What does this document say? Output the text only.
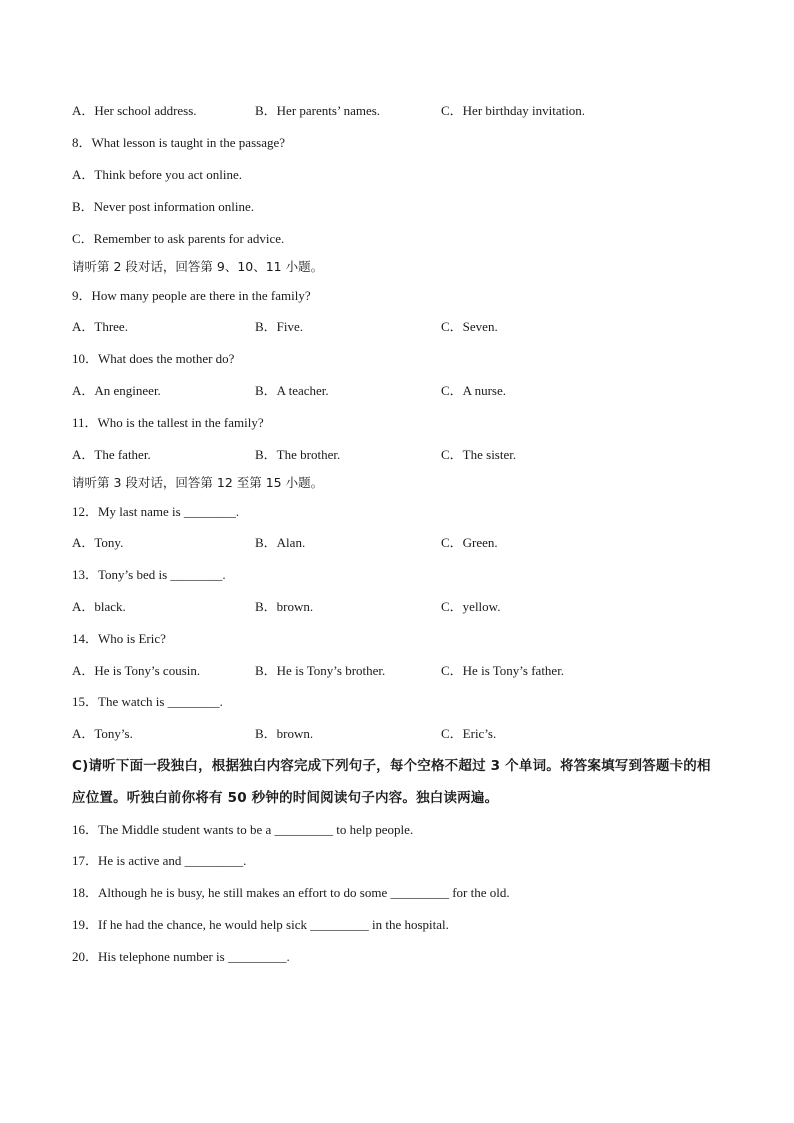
A．Her school address.	B．Her parents’ names.	C．Her birthday invitation.
8．What lesson is taught in the passage?
A．Think before you act online.
B．Never post information online.
C．Remember to ask parents for advice.
请听第 2 段对话，回答第 9、10、11 小题。
9．How many people are there in the family?
A．Three.	B．Five.	C．Seven.
10．What does the mother do?
A．An engineer.	B．A teacher.	C．A nurse.
11．Who is the tallest in the family?
A．The father.	B．The brother.	C．The sister.
请听第 3 段对话，回答第 12 至第 15 小题。
12．My last name is ________.
A．Tony.	B．Alan.	C．Green.
13．Tony’s bed is ________.
A．black.	B．brown.	C．yellow.
14．Who is Eric?
A．He is Tony’s cousin.	B．He is Tony’s brother.	C．He is Tony’s father.
15．The watch is ________.
A．Tony’s.	B．brown.	C．Eric’s.
C)请听下面一段独白，根据独白内容完成下列句子，每个空格不超过 3 个单词。将答案填写到答题卡的相
应位置。听独白前你将有 50 秒钟的时间阅读句子内容。独白读两遍。
16．The Middle student wants to be a _________ to help people.
17．He is active and _________.
18．Although he is busy, he still makes an effort to do some _________ for the old.
19．If he had the chance, he would help sick _________ in the hospital.
20．His telephone number is _________.
